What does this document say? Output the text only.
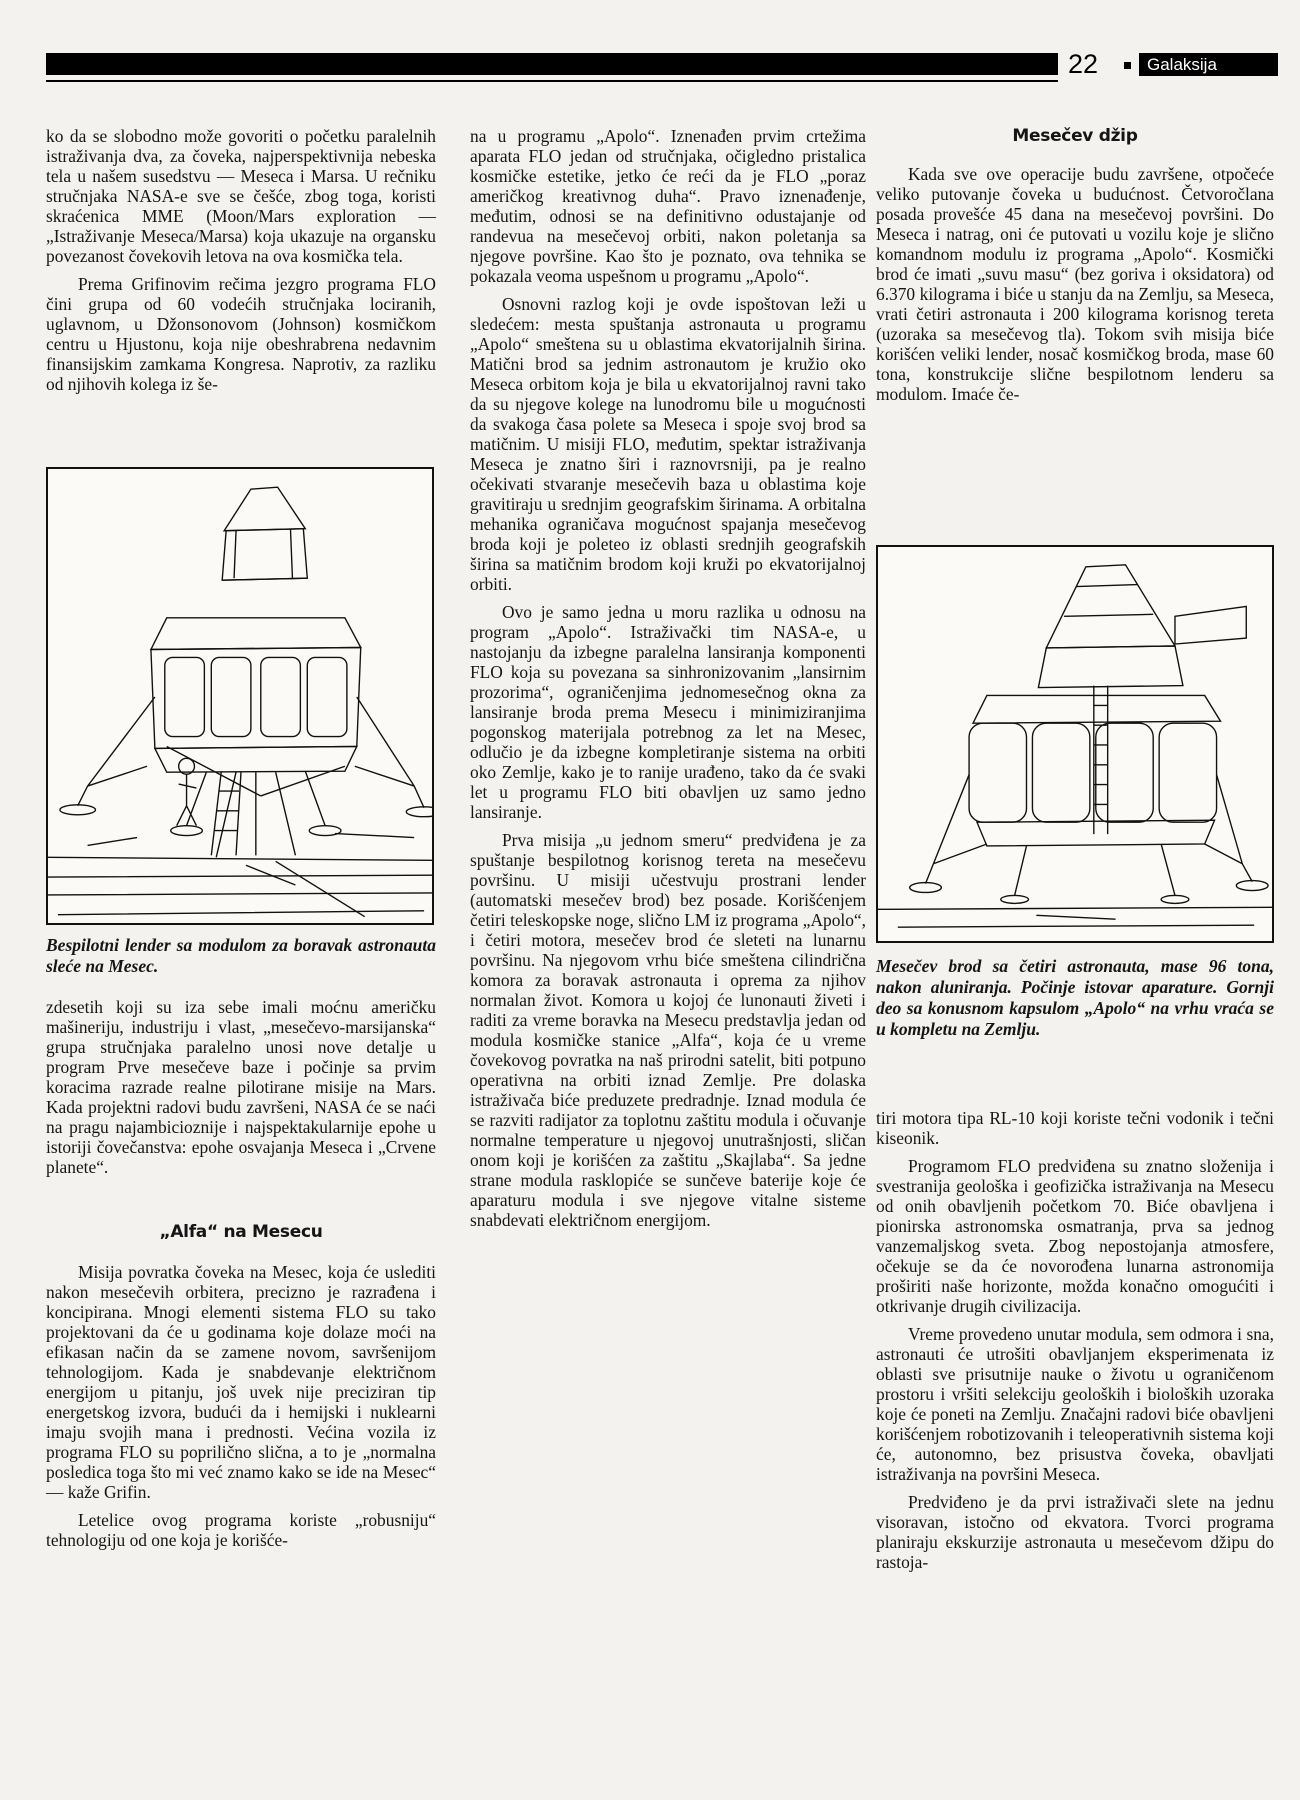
22	Galaksija

ko da se slobodno može govoriti o početku paralelnih istraživanja dva, za čoveka, najperspektivnija nebeska tela u našem susedstvu — Meseca i Marsa. U rečniku stručnjaka NASA-e sve se češće, zbog toga, koristi skraćenica MME (Moon/Mars exploration — „Istraživanje Meseca/Marsa) koja ukazuje na organsku povezanost čovekovih letova na ova kosmička tela.

Prema Grifinovim rečima jezgro programa FLO čini grupa od 60 vodećih stručnjaka lociranih, uglavnom, u Džonsonovom (Johnson) kosmičkom centru u Hjustonu, koja nije obeshrabrena nedavnim finansijskim zamkama Kongresa. Naprotiv, za razliku od njihovih kolega iz še-

Bespilotni lender sa modulom za boravak astronauta sleće na Mesec.

zdesetih koji su iza sebe imali moćnu američku mašineriju, industriju i vlast, „mesečevo-marsijanska“ grupa stručnjaka paralelno unosi nove detalje u program Prve mesečeve baze i počinje sa prvim koracima razrade realne pilotirane misije na Mars. Kada projektni radovi budu završeni, NASA će se naći na pragu najambicioznije i najspektakularnije epohe u istoriji čovečanstva: epohe osvajanja Meseca i „Crvene planete“.

„Alfa“ na Mesecu

Misija povratka čoveka na Mesec, koja će uslediti nakon mesečevih orbitera, precizno je razrađena i koncipirana. Mnogi elementi sistema FLO su tako projektovani da će u godinama koje dolaze moći na efikasan način da se zamene novom, savršenijom tehnologijom. Kada je snabdevanje električnom energijom u pitanju, još uvek nije preciziran tip energetskog izvora, budući da i hemijski i nuklearni imaju svojih mana i prednosti. Većina vozila iz programa FLO su poprilično slična, a to je „normalna posledica toga što mi već znamo kako se ide na Mesec“ — kaže Grifin.

Letelice ovog programa koriste „robusniju“ tehnologiju od one koja je korišće-

na u programu „Apolo“. Iznenađen prvim crtežima aparata FLO jedan od stručnjaka, očigledno pristalica kosmičke estetike, jetko će reći da je FLO „poraz američkog kreativnog duha“. Pravo iznenađenje, međutim, odnosi se na definitivno odustajanje od randevua na mesečevoj orbiti, nakon poletanja sa njegove površine. Kao što je poznato, ova tehnika se pokazala veoma uspešnom u programu „Apolo“.

Osnovni razlog koji je ovde ispoštovan leži u sledećem: mesta spuštanja astronauta u programu „Apolo“ smeštena su u oblastima ekvatorijalnih širina. Matični brod sa jednim astronautom je kružio oko Meseca orbitom koja je bila u ekvatorijalnoj ravni tako da su njegove kolege na lunodromu bile u mogućnosti da svakoga časa polete sa Meseca i spoje svoj brod sa matičnim. U misiji FLO, međutim, spektar istraživanja Meseca je znatno širi i raznovrsniji, pa je realno očekivati stvaranje mesečevih baza u oblastima koje gravitiraju u srednjim geografskim širinama. A orbitalna mehanika ograničava mogućnost spajanja mesečevog broda koji je poleteo iz oblasti srednjih geografskih širina sa matičnim brodom koji kruži po ekvatorijalnoj orbiti.

Ovo je samo jedna u moru razlika u odnosu na program „Apolo“. Istraživački tim NASA-e, u nastojanju da izbegne paralelna lansiranja komponenti FLO koja su povezana sa sinhronizovanim „lansirnim prozorima“, ograničenjima jednomesečnog okna za lansiranje broda prema Mesecu i minimiziranjima pogonskog materijala potrebnog za let na Mesec, odlučio je da izbegne kompletiranje sistema na orbiti oko Zemlje, kako je to ranije urađeno, tako da će svaki let u programu FLO biti obavljen uz samo jedno lansiranje.

Prva misija „u jednom smeru“ predviđena je za spuštanje bespilotnog korisnog tereta na mesečevu površinu. U misiji učestvuju prostrani lender (automatski mesečev brod) bez posade. Korišćenjem četiri teleskopske noge, slično LM iz programa „Apolo“, i četiri motora, mesečev brod će sleteti na lunarnu površinu. Na njegovom vrhu biće smeštena cilindrična komora za boravak astronauta i oprema za njihov normalan život. Komora u kojoj će lunonauti živeti i raditi za vreme boravka na Mesecu predstavlja jedan od modula kosmičke stanice „Alfa“, koja će u vreme čovekovog povratka na naš prirodni satelit, biti potpuno operativna na orbiti iznad Zemlje. Pre dolaska istraživača biće preduzete predradnje. Iznad modula će se razviti radijator za toplotnu zaštitu modula i očuvanje normalne temperature u njegovoj unutrašnjosti, sličan onom koji je korišćen za zaštitu „Skajlaba“. Sa jedne strane modula rasklopiće se sunčeve baterije koje će aparaturu modula i sve njegove vitalne sisteme snabdevati električnom energijom.

Mesečev džip

Kada sve ove operacije budu završene, otpočeće veliko putovanje čoveka u budućnost. Četvoročlana posada provešće 45 dana na mesečevoj površini. Do Meseca i natrag, oni će putovati u vozilu koje je slično komandnom modulu iz programa „Apolo“. Kosmički brod će imati „suvu masu“ (bez goriva i oksidatora) od 6.370 kilograma i biće u stanju da na Zemlju, sa Meseca, vrati četiri astronauta i 200 kilograma korisnog tereta (uzoraka sa mesečevog tla). Tokom svih misija biće korišćen veliki lender, nosač kosmičkog broda, mase 60 tona, konstrukcije slične bespilotnom lenderu sa modulom. Imaće če-

Mesečev brod sa četiri astronauta, mase 96 tona, nakon aluniranja. Počinje istovar aparature. Gornji deo sa konusnom kapsulom „Apolo“ na vrhu vraća se u kompletu na Zemlju.

tiri motora tipa RL-10 koji koriste tečni vodonik i tečni kiseonik.

Programom FLO predviđena su znatno složenija i svestranija geološka i geofizička istraživanja na Mesecu od onih obavljenih početkom 70. Biće obavljena i pionirska astronomska osmatranja, prva sa jednog vanzemaljskog sveta. Zbog nepostojanja atmosfere, očekuje se da će novorođena lunarna astronomija proširiti naše horizonte, možda konačno omogućiti i otkrivanje drugih civilizacija.

Vreme provedeno unutar modula, sem odmora i sna, astronauti će utrošiti obavljanjem eksperimenata iz oblasti sve prisutnije nauke o životu u ograničenom prostoru i vršiti selekciju geoloških i bioloških uzoraka koje će poneti na Zemlju. Značajni radovi biće obavljeni korišćenjem robotizovanih i teleoperativnih sistema koji će, autonomno, bez prisustva čoveka, obavljati istraživanja na površini Meseca.

Predviđeno je da prvi istraživači slete na jednu visoravan, istočno od ekvatora. Tvorci programa planiraju ekskurzije astronauta u mesečevom džipu do rastoja-
